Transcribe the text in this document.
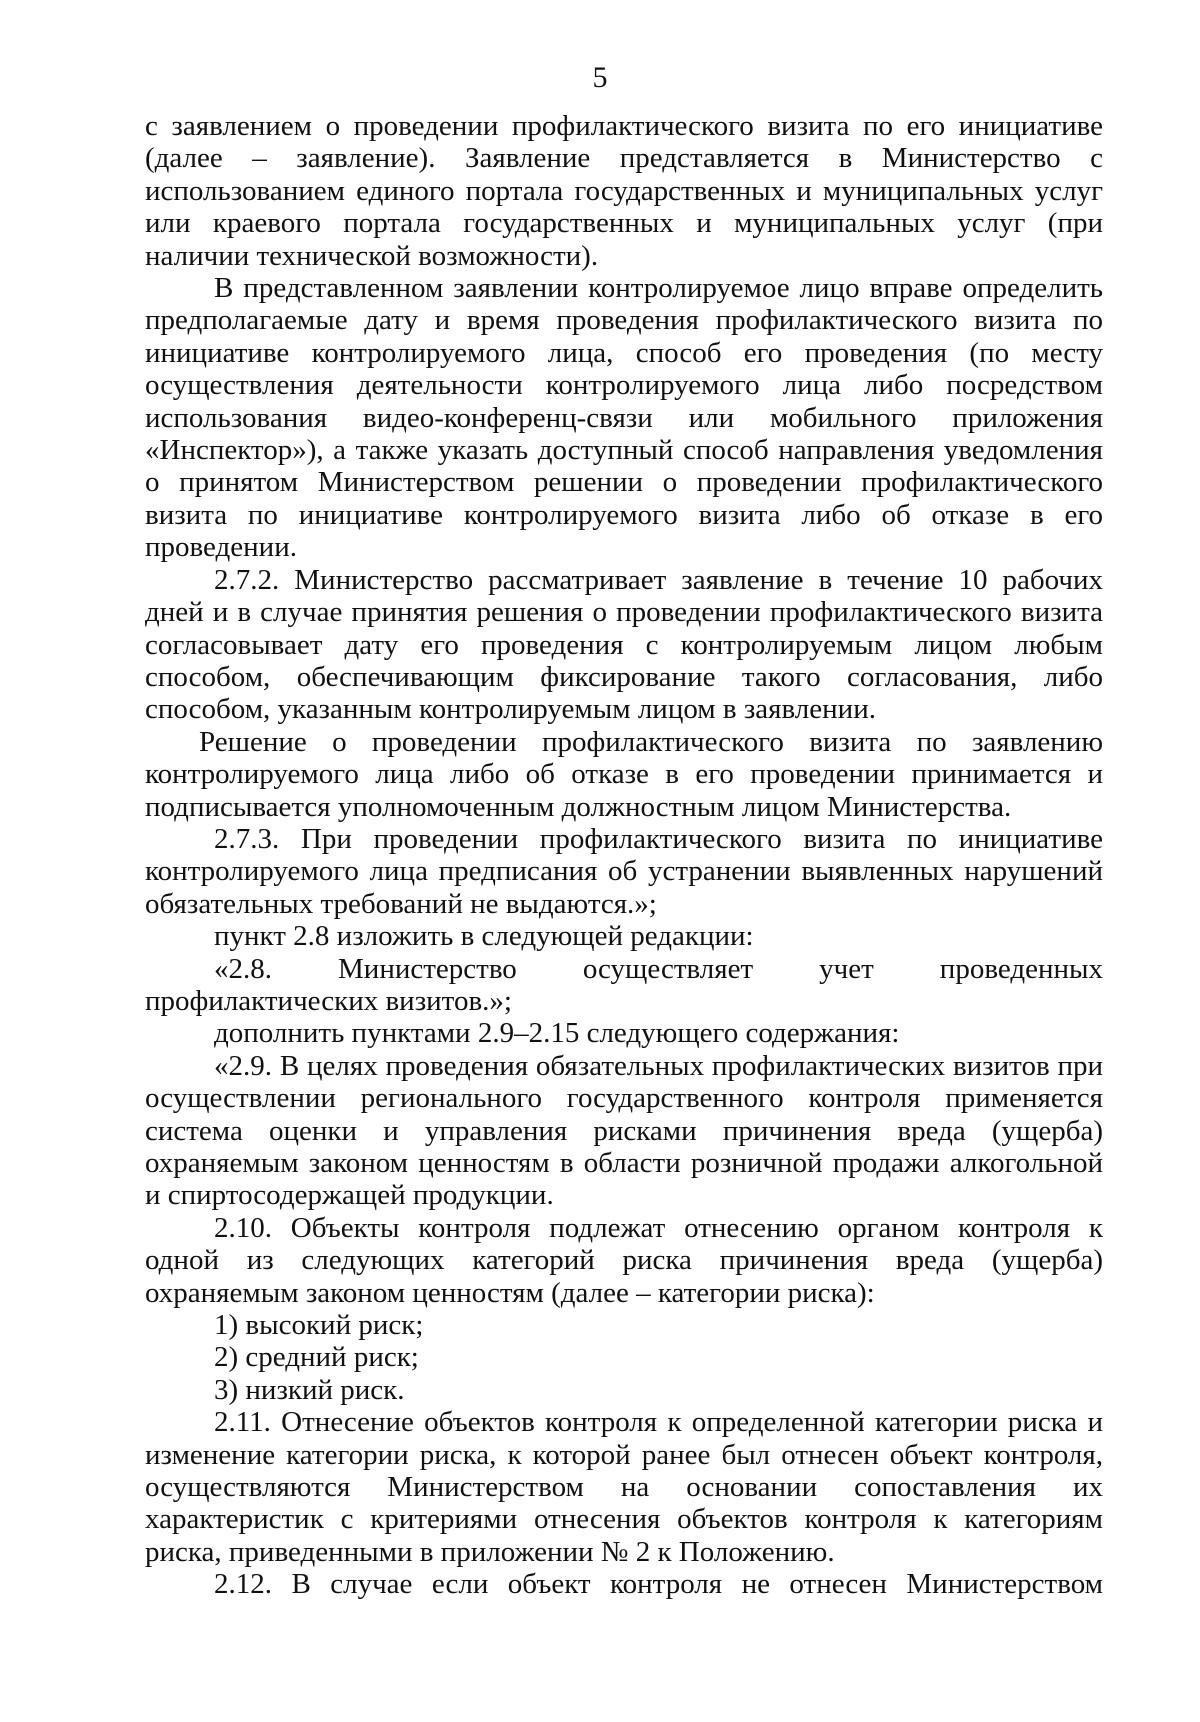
5

с заявлением о проведении профилактического визита по его инициативе (далее – заявление). Заявление представляется в Министерство с использованием единого портала государственных и муниципальных услуг или краевого портала государственных и муниципальных услуг (при наличии технической возможности).

В представленном заявлении контролируемое лицо вправе определить предполагаемые дату и время проведения профилактического визита по инициативе контролируемого лица, способ его проведения (по месту осуществления деятельности контролируемого лица либо посредством использования видео-конференц-связи или мобильного приложения «Инспектор»), а также указать доступный способ направления уведомления о принятом Министерством решении о проведении профилактического визита по инициативе контролируемого визита либо об отказе в его проведении.

2.7.2. Министерство рассматривает заявление в течение 10 рабочих дней и в случае принятия решения о проведении профилактического визита согласовывает дату его проведения с контролируемым лицом любым способом, обеспечивающим фиксирование такого согласования, либо способом, указанным контролируемым лицом в заявлении.

Решение о проведении профилактического визита по заявлению контролируемого лица либо об отказе в его проведении принимается и подписывается уполномоченным должностным лицом Министерства.

2.7.3. При проведении профилактического визита по инициативе контролируемого лица предписания об устранении выявленных нарушений обязательных требований не выдаются.»;

пункт 2.8 изложить в следующей редакции:

«2.8. Министерство осуществляет учет проведенных профилактических визитов.»;

дополнить пунктами 2.9–2.15 следующего содержания:

«2.9. В целях проведения обязательных профилактических визитов при осуществлении регионального государственного контроля применяется система оценки и управления рисками причинения вреда (ущерба) охраняемым законом ценностям в области розничной продажи алкогольной и спиртосодержащей продукции.

2.10. Объекты контроля подлежат отнесению органом контроля к одной из следующих категорий риска причинения вреда (ущерба) охраняемым законом ценностям (далее – категории риска):

1) высокий риск;

2) средний риск;

3) низкий риск.

2.11. Отнесение объектов контроля к определенной категории риска и изменение категории риска, к которой ранее был отнесен объект контроля, осуществляются Министерством на основании сопоставления их характеристик с критериями отнесения объектов контроля к категориям риска, приведенными в приложении № 2 к Положению.

2.12. В случае если объект контроля не отнесен Министерством
